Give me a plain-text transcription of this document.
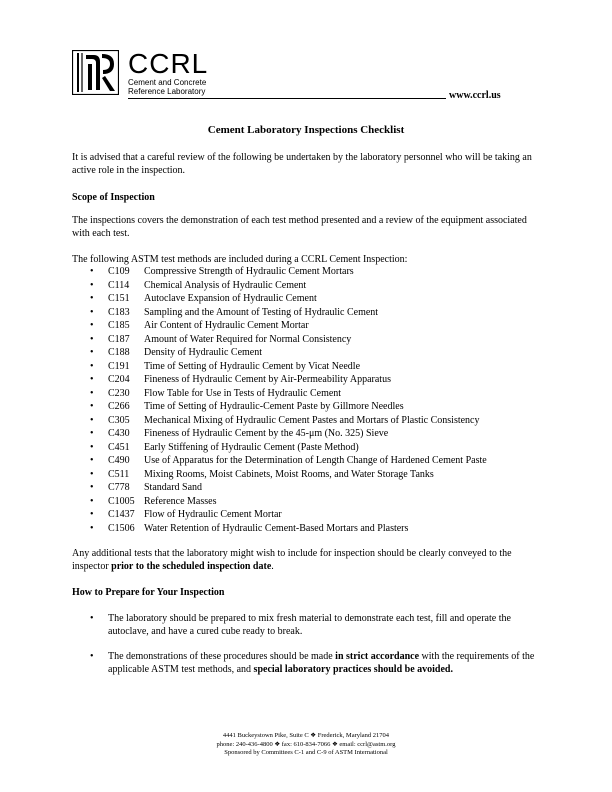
CCRL
Cement and Concrete
Reference Laboratory	www.ccrl.us
Cement Laboratory Inspections Checklist

It is advised that a careful review of the following be undertaken by the laboratory personnel who will be taking an active role in the inspection.

Scope of Inspection

The inspections covers the demonstration of each test method presented and a review of the equipment associated with each test.

The following ASTM test methods are included during a CCRL Cement Inspection:

• C109 Compressive Strength of Hydraulic Cement Mortars
• C114 Chemical Analysis of Hydraulic Cement
• C151 Autoclave Expansion of Hydraulic Cement
• C183 Sampling and the Amount of Testing of Hydraulic Cement
• C185 Air Content of Hydraulic Cement Mortar
• C187 Amount of Water Required for Normal Consistency
• C188 Density of Hydraulic Cement
• C191 Time of Setting of Hydraulic Cement by Vicat Needle
• C204 Fineness of Hydraulic Cement by Air-Permeability Apparatus
• C230 Flow Table for Use in Tests of Hydraulic Cement
• C266 Time of Setting of Hydraulic-Cement Paste by Gillmore Needles
• C305 Mechanical Mixing of Hydraulic Cement Pastes and Mortars of Plastic Consistency
• C430 Fineness of Hydraulic Cement by the 45-μm (No. 325) Sieve
• C451 Early Stiffening of Hydraulic Cement (Paste Method)
• C490 Use of Apparatus for the Determination of Length Change of Hardened Cement Paste
• C511 Mixing Rooms, Moist Cabinets, Moist Rooms, and Water Storage Tanks
• C778 Standard Sand
• C1005 Reference Masses
• C1437 Flow of Hydraulic Cement Mortar
• C1506 Water Retention of Hydraulic Cement-Based Mortars and Plasters

Any additional tests that the laboratory might wish to include for inspection should be clearly conveyed to the inspector prior to the scheduled inspection date.

How to Prepare for Your Inspection

• The laboratory should be prepared to mix fresh material to demonstrate each test, fill and operate the autoclave, and have a cured cube ready to break.
• The demonstrations of these procedures should be made in strict accordance with the requirements of the applicable ASTM test methods, and special laboratory practices should be avoided.
4441 Buckeystown Pike, Suite C ❖ Frederick, Maryland 21704
phone: 240-436-4800 ❖ fax: 610-834-7066 ❖ email: ccrl@astm.org
Sponsored by Committees C-1 and C-9 of ASTM International
